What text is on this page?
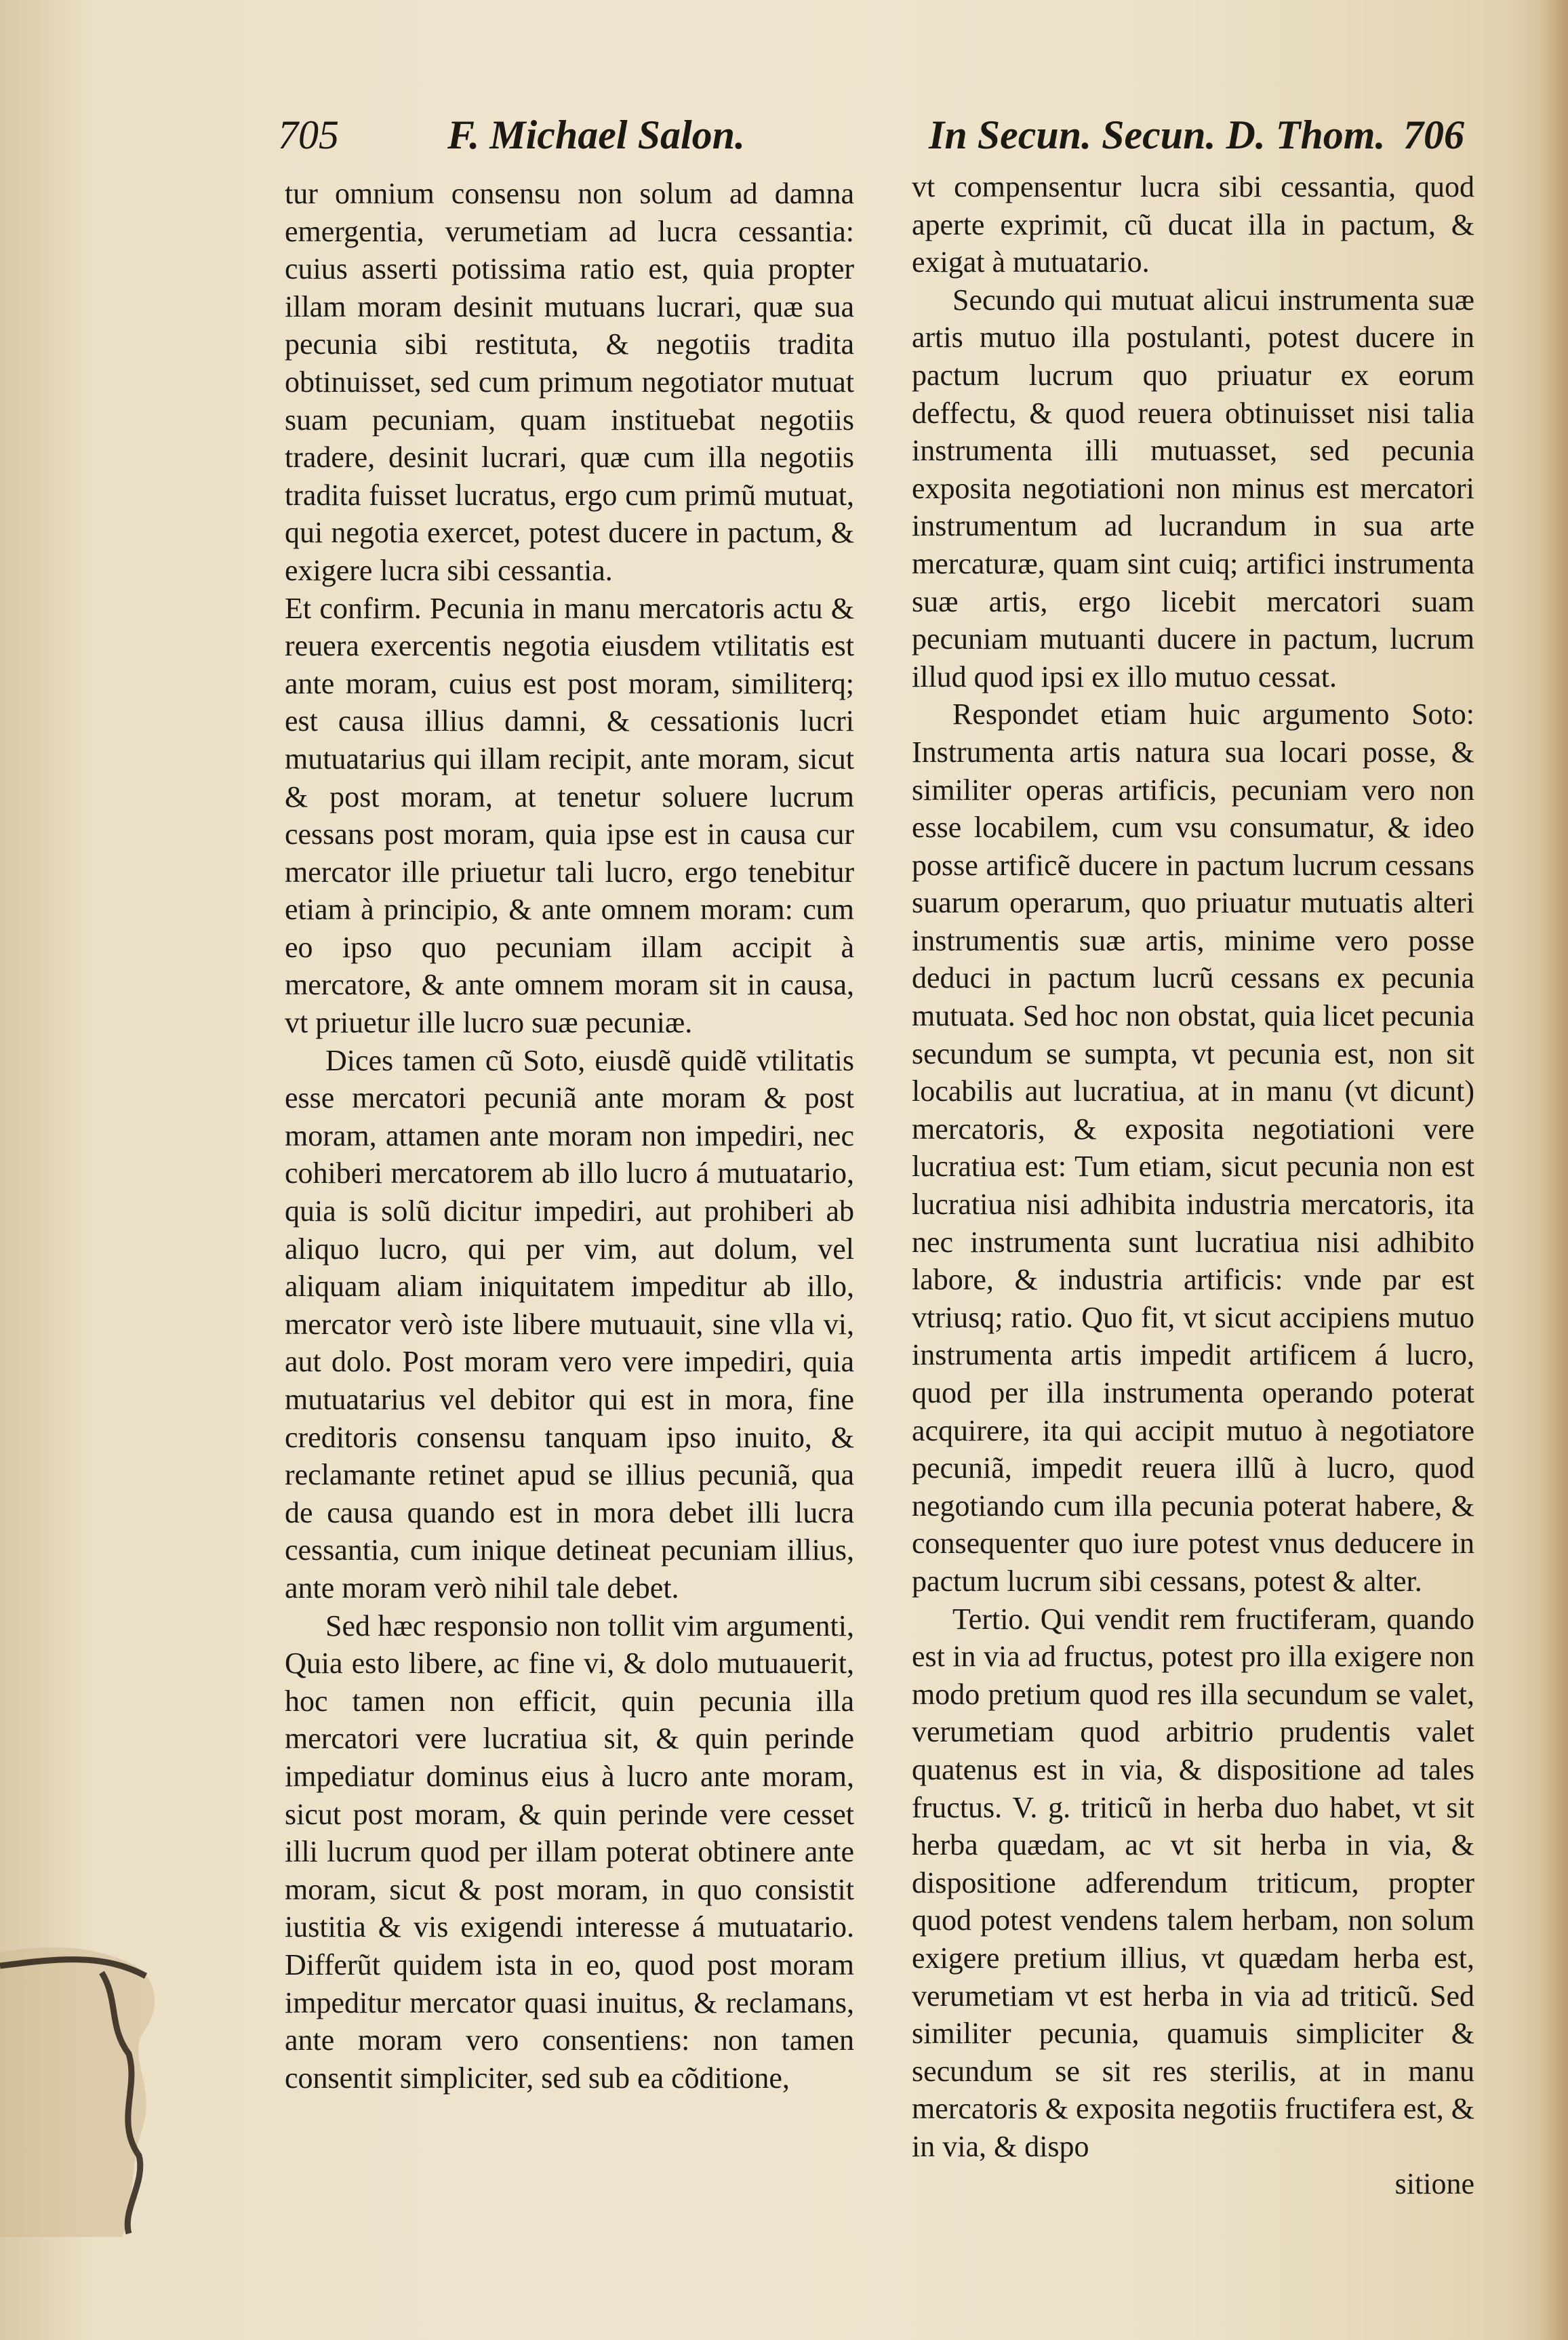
705	F. Michael Salon.	In Secun. Secun. D. Thom. 706

tur omnium consensu non solum ad damna emergentia, verumetiam ad lucra cessantia: cuius asserti potissima ratio est, quia propter illam moram desinit mutuans lucrari, quæ sua pecunia sibi restituta, & negotiis tradita obtinuisset, sed cum primum negotiator mutuat suam pecuniam, quam instituebat negotiis tradere, desinit lucrari, quæ cum illa negotiis tradita fuisset lucratus, ergo cum primũ mutuat, qui negotia exercet, potest ducere in pactum, & exigere lucra sibi cessantia.

Et confirm. Pecunia in manu mercatoris actu & reuera exercentis negotia eiusdem vtilitatis est ante moram, cuius est post moram, similiterq; est causa illius damni, & cessationis lucri mutuatarius qui illam recipit, ante moram, sicut & post moram, at tenetur soluere lucrum cessans post moram, quia ipse est in causa cur mercator ille priuetur tali lucro, ergo tenebitur etiam à principio, & ante omnem moram: cum eo ipso quo pecuniam illam accipit à mercatore, & ante omnem moram sit in causa, vt priuetur ille lucro suæ pecuniæ.

Dices tamen cũ Soto, eiusdẽ quidẽ vtilitatis esse mercatori pecuniã ante moram & post moram, attamen ante moram non impediri, nec cohiberi mercatorem ab illo lucro á mutuatario, quia is solũ dicitur impediri, aut prohiberi ab aliquo lucro, qui per vim, aut dolum, vel aliquam aliam iniquitatem impeditur ab illo, mercator verò iste libere mutuauit, sine vlla vi, aut dolo. Post moram vero vere impediri, quia mutuatarius vel debitor qui est in mora, fine creditoris consensu tanquam ipso inuito, & reclamante retinet apud se illius pecuniã, qua de causa quando est in mora debet illi lucra cessantia, cum inique detineat pecuniam illius, ante moram verò nihil tale debet.

Sed hæc responsio non tollit vim argumenti, Quia esto libere, ac fine vi, & dolo mutuauerit, hoc tamen non efficit, quin pecunia illa mercatori vere lucratiua sit, & quin perinde impediatur dominus eius à lucro ante moram, sicut post moram, & quin perinde vere cesset illi lucrum quod per illam poterat obtinere ante moram, sicut & post moram, in quo consistit iustitia & vis exigendi interesse á mutuatario. Differũt quidem ista in eo, quod post moram impeditur mercator quasi inuitus, & reclamans, ante moram vero consentiens: non tamen consentit simpliciter, sed sub ea cõditione,

vt compensentur lucra sibi cessantia, quod aperte exprimit, cũ ducat illa in pactum, & exigat à mutuatario.

Secundo qui mutuat alicui instrumenta suæ artis mutuo illa postulanti, potest ducere in pactum lucrum quo priuatur ex eorum deffectu, & quod reuera obtinuisset nisi talia instrumenta illi mutuasset, sed pecunia exposita negotiationi non minus est mercatori instrumentum ad lucrandum in sua arte mercaturæ, quam sint cuiq; artifici instrumenta suæ artis, ergo licebit mercatori suam pecuniam mutuanti ducere in pactum, lucrum illud quod ipsi ex illo mutuo cessat.

Respondet etiam huic argumento Soto: Instrumenta artis natura sua locari posse, & similiter operas artificis, pecuniam vero non esse locabilem, cum vsu consumatur, & ideo posse artificẽ ducere in pactum lucrum cessans suarum operarum, quo priuatur mutuatis alteri instrumentis suæ artis, minime vero posse deduci in pactum lucrũ cessans ex pecunia mutuata. Sed hoc non obstat, quia licet pecunia secundum se sumpta, vt pecunia est, non sit locabilis aut lucratiua, at in manu (vt dicunt) mercatoris, & exposita negotiationi vere lucratiua est: Tum etiam, sicut pecunia non est lucratiua nisi adhibita industria mercatoris, ita nec instrumenta sunt lucratiua nisi adhibito labore, & industria artificis: vnde par est vtriusq; ratio. Quo fit, vt sicut accipiens mutuo instrumenta artis impedit artificem á lucro, quod per illa instrumenta operando poterat acquirere, ita qui accipit mutuo à negotiatore pecuniã, impedit reuera illũ à lucro, quod negotiando cum illa pecunia poterat habere, & consequenter quo iure potest vnus deducere in pactum lucrum sibi cessans, potest & alter.

Tertio. Qui vendit rem fructiferam, quando est in via ad fructus, potest pro illa exigere non modo pretium quod res illa secundum se valet, verumetiam quod arbitrio prudentis valet quatenus est in via, & dispositione ad tales fructus. V. g. triticũ in herba duo habet, vt sit herba quædam, ac vt sit herba in via, & dispositione adferendum triticum, propter quod potest vendens talem herbam, non solum exigere pretium illius, vt quædam herba est, verumetiam vt est herba in via ad triticũ. Sed similiter pecunia, quamuis simpliciter & secundum se sit res sterilis, at in manu mercatoris & exposita negotiis fructifera est, & in via, & dispo

sitione
